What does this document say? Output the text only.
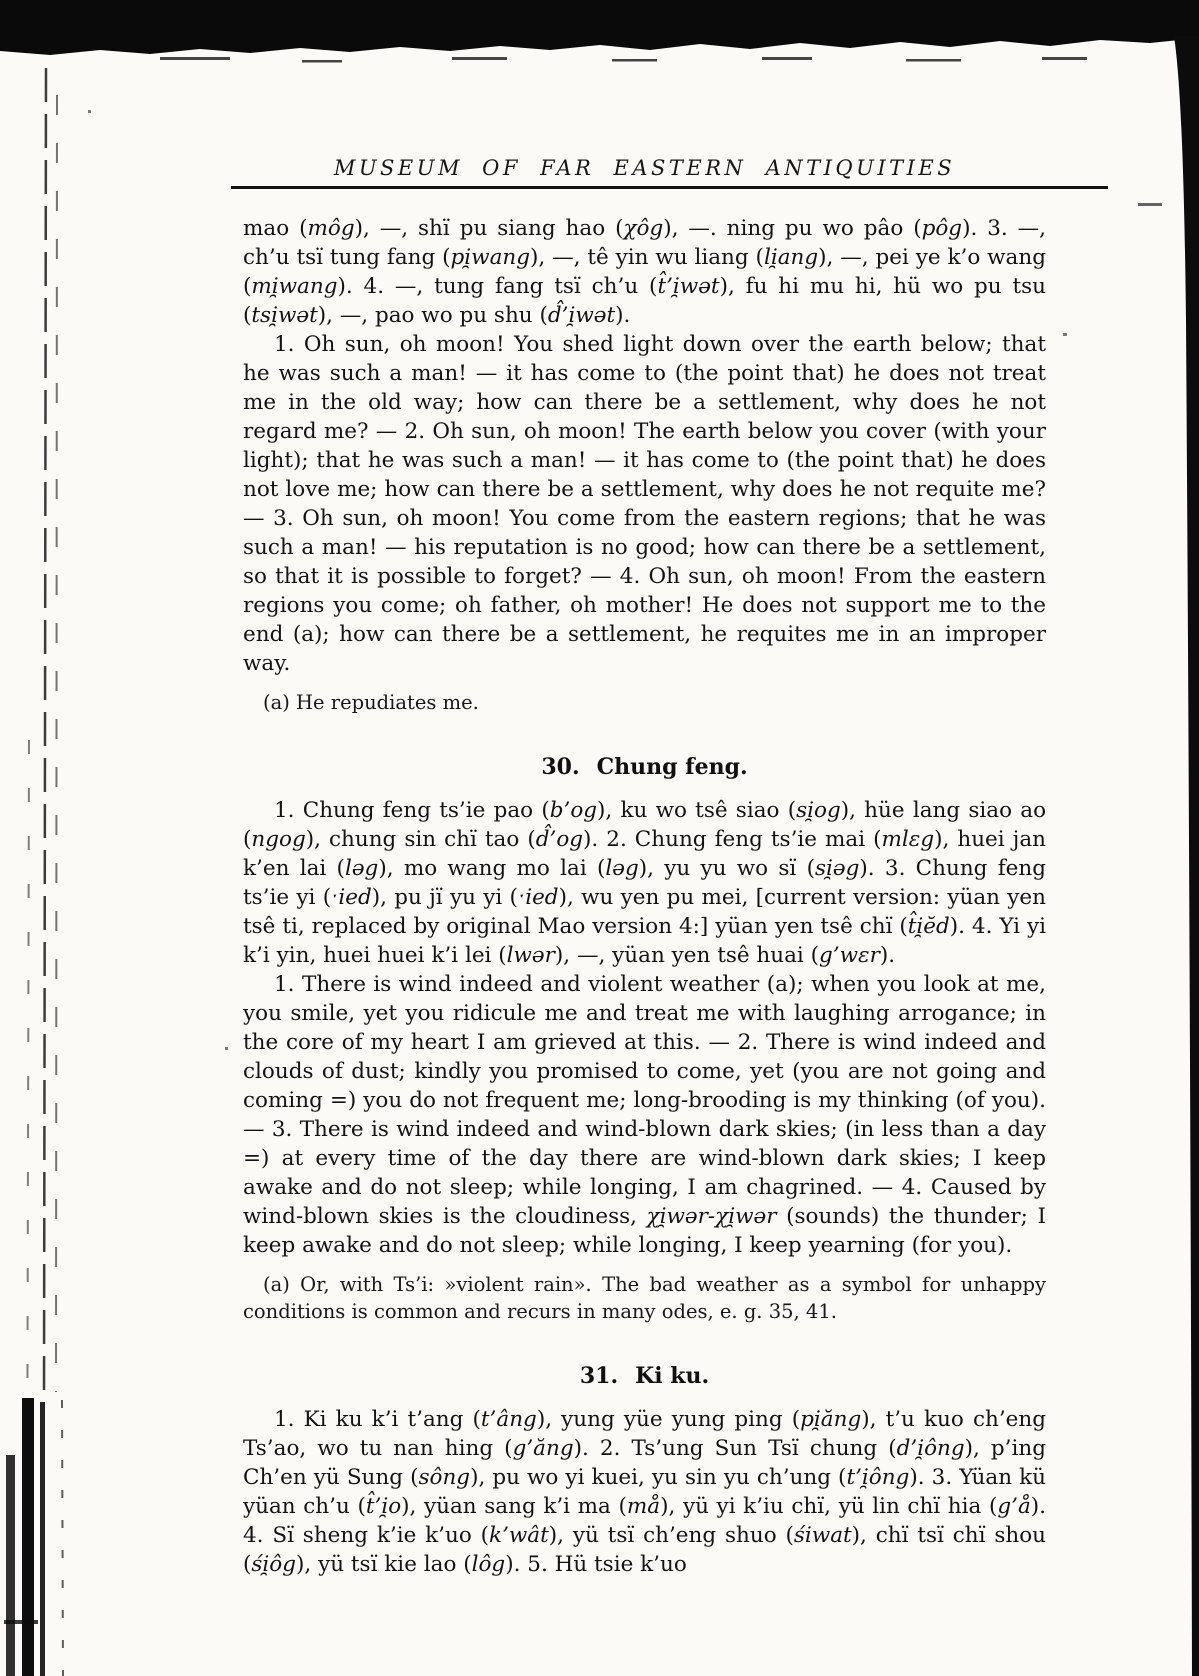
MUSEUM OF FAR EASTERN ANTIQUITIES

mao (môg), —, shï pu siang hao (χôg), —. ning pu wo pâo (pôg). 3. —, ch’u tsï tung fang (pi̯wang), —, tê yin wu liang (li̯ang), —, pei ye k’o wang (mi̯wang). 4. —, tung fang tsï ch’u (t̂’i̯wət), fu hi mu hi, hü wo pu tsu (tsi̯wət), —, pao wo pu shu (d̂’i̯wət).

1. Oh sun, oh moon! You shed light down over the earth below; that he was such a man! — it has come to (the point that) he does not treat me in the old way; how can there be a settlement, why does he not regard me? — 2. Oh sun, oh moon! The earth below you cover (with your light); that he was such a man! — it has come to (the point that) he does not love me; how can there be a settlement, why does he not requite me? — 3. Oh sun, oh moon! You come from the eastern regions; that he was such a man! — his reputation is no good; how can there be a settlement, so that it is possible to forget? — 4. Oh sun, oh moon! From the eastern regions you come; oh father, oh mother! He does not support me to the end (a); how can there be a settlement, he requites me in an improper way.

(a) He repudiates me.

30. Chung feng.

1. Chung feng ts’ie pao (b’og), ku wo tsê siao (si̯og), hüe lang siao ao (ngog), chung sin chï tao (d̂’og). 2. Chung feng ts’ie mai (mlɛg), huei jan k’en lai (ləg), mo wang mo lai (ləg), yu yu wo sï (si̯əg). 3. Chung feng ts’ie yi (ˑied), pu jï yu yi (ˑied), wu yen pu mei, [current version: yüan yen tsê ti, replaced by original Mao version 4:] yüan yen tsê chï (t̂i̯ĕd). 4. Yi yi k’i yin, huei huei k’i lei (lwər), —, yüan yen tsê huai (g’wɛr).

1. There is wind indeed and violent weather (a); when you look at me, you smile, yet you ridicule me and treat me with laughing arrogance; in the core of my heart I am grieved at this. — 2. There is wind indeed and clouds of dust; kindly you promised to come, yet (you are not going and coming =) you do not frequent me; long-brooding is my thinking (of you). — 3. There is wind indeed and wind-blown dark skies; (in less than a day =) at every time of the day there are wind-blown dark skies; I keep awake and do not sleep; while longing, I am chagrined. — 4. Caused by wind-blown skies is the cloudiness, χi̯wər-χi̯wər (sounds) the thunder; I keep awake and do not sleep; while longing, I keep yearning (for you).

(a) Or, with Ts’i: »violent rain». The bad weather as a symbol for unhappy conditions is common and recurs in many odes, e. g. 35, 41.

31. Ki ku.

1. Ki ku k’i t’ang (t’âng), yung yüe yung ping (pi̯ăng), t’u kuo ch’eng Ts’ao, wo tu nan hing (g’ăng). 2. Ts’ung Sun Tsï chung (d’i̯ông), p’ing Ch’en yü Sung (sông), pu wo yi kuei, yu sin yu ch’ung (t’i̯ông). 3. Yüan kü yüan ch’u (t̂’i̯o), yüan sang k’i ma (må), yü yi k’iu chï, yü lin chï hia (g’å). 4. Sï sheng k’ie k’uo (k’wât), yü tsï ch’eng shuo (śiwat), chï tsï chï shou (śi̯ôg), yü tsï kie lao (lôg). 5. Hü tsie k’uo
